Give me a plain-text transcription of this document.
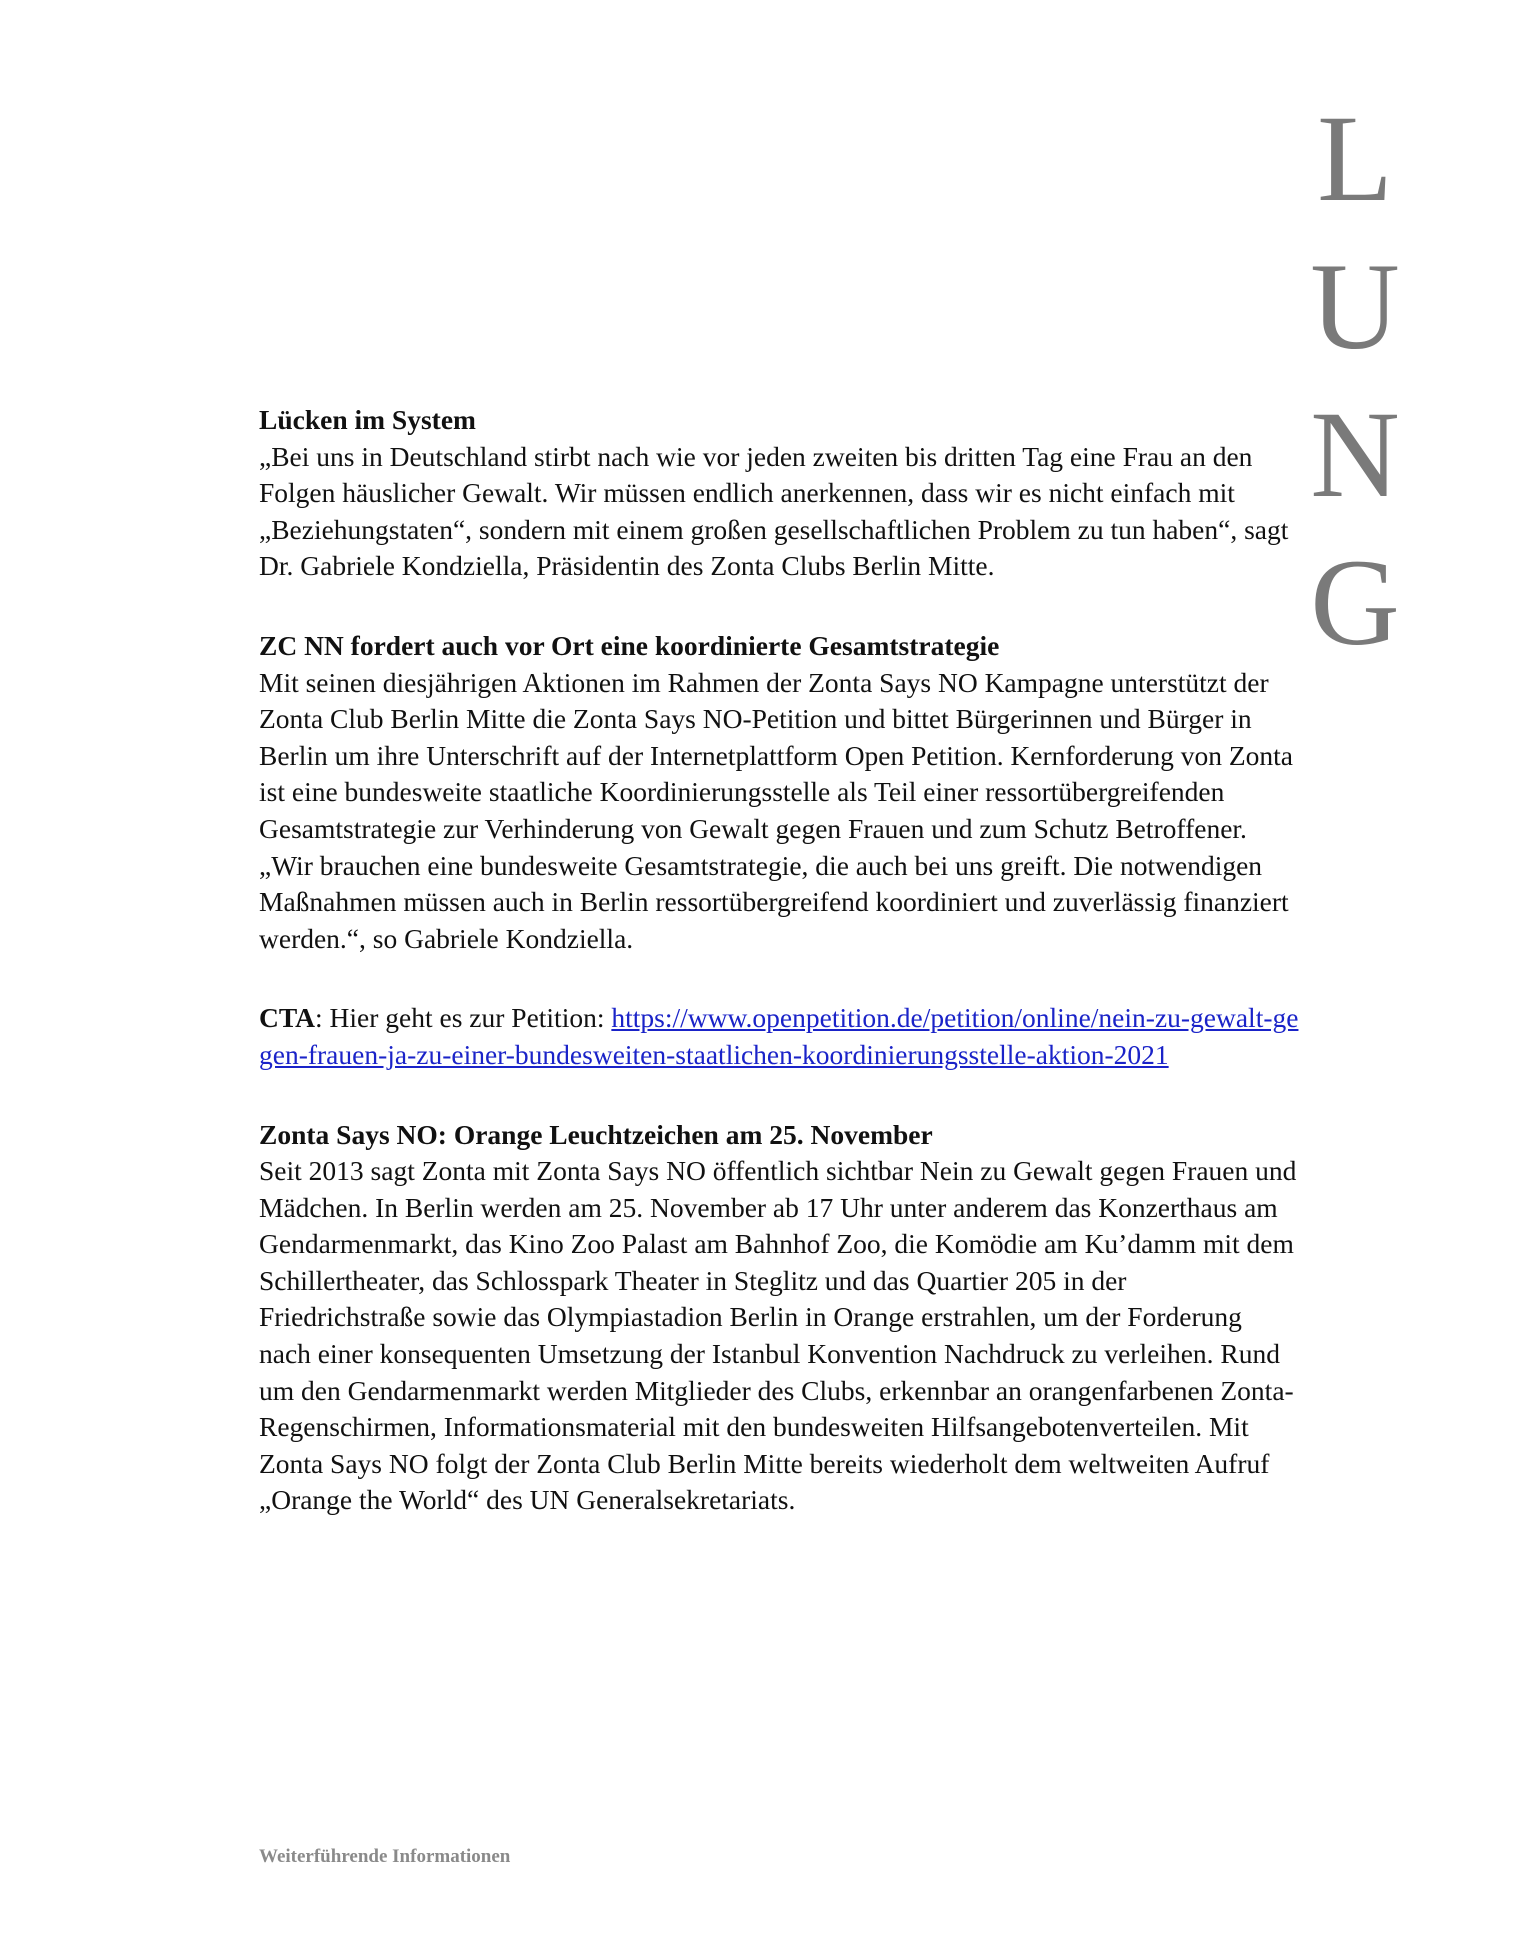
L
U
N
G
Lücken im System
„Bei uns in Deutschland stirbt nach wie vor jeden zweiten bis dritten Tag eine Frau an den Folgen häuslicher Gewalt. Wir müssen endlich anerkennen, dass wir es nicht einfach mit „Beziehungstaten“, sondern mit einem großen gesellschaftlichen Problem zu tun haben“, sagt Dr. Gabriele Kondziella, Präsidentin des Zonta Clubs Berlin Mitte.
ZC NN fordert auch vor Ort eine koordinierte Gesamtstrategie
Mit seinen diesjährigen Aktionen im Rahmen der Zonta Says NO Kampagne unterstützt der Zonta Club Berlin Mitte die Zonta Says NO-Petition und bittet Bürgerinnen und Bürger in Berlin um ihre Unterschrift auf der Internetplattform Open Petition. Kernforderung von Zonta ist eine bundesweite staatliche Koordinierungsstelle als Teil einer ressortübergreifenden Gesamtstrategie zur Verhinderung von Gewalt gegen Frauen und zum Schutz Betroffener. „Wir brauchen eine bundesweite Gesamtstrategie, die auch bei uns greift. Die notwendigen Maßnahmen müssen auch in Berlin ressortübergreifend koordiniert und zuverlässig finanziert werden.“, so Gabriele Kondziella.
CTA: Hier geht es zur Petition: https://www.openpetition.de/petition/online/nein-zu-gewalt-gegen-frauen-ja-zu-einer-bundesweiten-staatlichen-koordinierungsstelle-aktion-2021
Zonta Says NO: Orange Leuchtzeichen am 25. November
Seit 2013 sagt Zonta mit Zonta Says NO öffentlich sichtbar Nein zu Gewalt gegen Frauen und Mädchen. In Berlin werden am 25. November ab 17 Uhr unter anderem das Konzerthaus am Gendarmenmarkt, das Kino Zoo Palast am Bahnhof Zoo, die Komödie am Ku’damm mit dem Schillertheater, das Schlosspark Theater in Steglitz und das Quartier 205 in der Friedrichstraße sowie das Olympiastadion Berlin in Orange erstrahlen, um der Forderung nach einer konsequenten Umsetzung der Istanbul Konvention Nachdruck zu verleihen. Rund um den Gendarmenmarkt werden Mitglieder des Clubs, erkennbar an orangenfarbenen Zonta-Regenschirmen, Informationsmaterial mit den bundesweiten Hilfsangebotenverteilen. Mit Zonta Says NO folgt der Zonta Club Berlin Mitte bereits wiederholt dem weltweiten Aufruf „Orange the World“ des UN Generalsekretariats.
Weiterführende Informationen
